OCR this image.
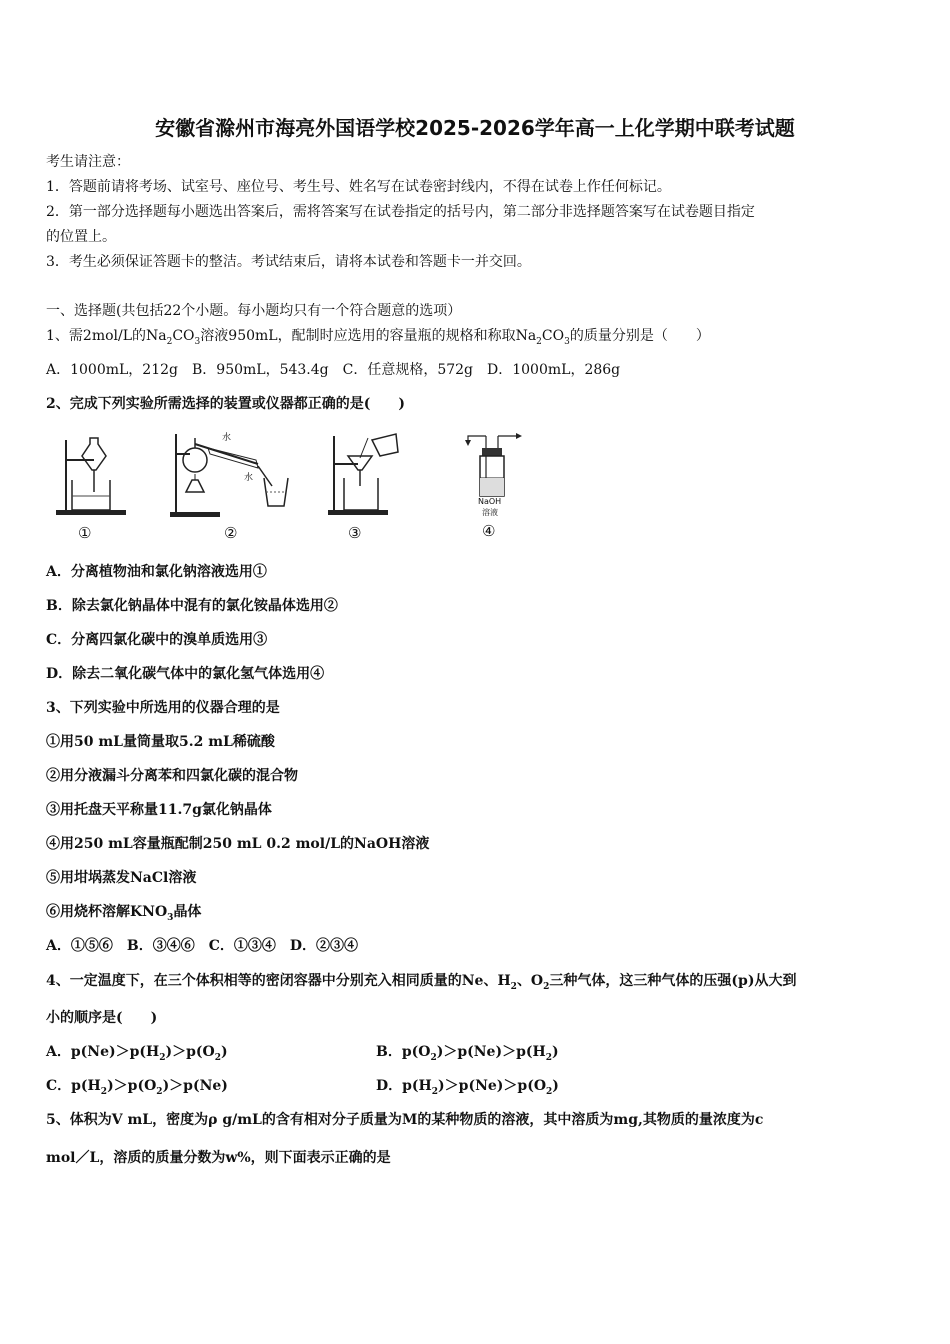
安徽省滁州市海亮外国语学校2025-2026学年高一上化学期中联考试题
考生请注意：
1．答题前请将考场、试室号、座位号、考生号、姓名写在试卷密封线内，不得在试卷上作任何标记。
2．第一部分选择题每小题选出答案后，需将答案写在试卷指定的括号内，第二部分非选择题答案写在试卷题目指定
的位置上。
3．考生必须保证答题卡的整洁。考试结束后，请将本试卷和答题卡一并交回。
一、选择题(共包括22个小题。每小题均只有一个符合题意的选项）
1、需2mol/L的$Na_2CO_3$溶液950mL，配制时应选用的容量瓶的规格和称取$Na_2CO_3$的质量分别是（　　）
A．1000mL，212g　B．950mL，543.4g　C．任意规格，572g　D．1000mL，286g
2、完成下列实验所需选择的装置或仪器都正确的是(　　)
水
水
NaOH
溶液
①	②	③	④
A．分离植物油和氯化钠溶液选用①
B．除去氯化钠晶体中混有的氯化铵晶体选用②
C．分离四氯化碳中的溴单质选用③
D．除去二氧化碳气体中的氯化氢气体选用④
3、下列实验中所选用的仪器合理的是
①用50 mL量筒量取5.2 mL稀硫酸
②用分液漏斗分离苯和四氯化碳的混合物
③用托盘天平称量11.7g氯化钠晶体
④用250 mL容量瓶配制250 mL 0.2 mol/L的NaOH溶液
⑤用坩埚蒸发NaCl溶液
⑥用烧杯溶解$KNO_3$晶体
A．①⑤⑥　B．③④⑥　C．①③④　D．②③④
4、一定温度下，在三个体积相等的密闭容器中分别充入相同质量的Ne、$H_2$、$O_2$三种气体，这三种气体的压强(p)从大到
小的顺序是(　　)
A．$p(Ne)>p(H_2)>p(O_2)$	B．$p(O_2)>p(Ne)>p(H_2)$
C．$p(H_2)>p(O_2)>p(Ne)$	D．$p(H_2)>p(Ne)>p(O_2)$
5、体积为V mL，密度为ρ g/mL的含有相对分子质量为M的某种物质的溶液，其中溶质为mg,其物质的量浓度为c
mol／L，溶质的质量分数为w%，则下面表示正确的是
